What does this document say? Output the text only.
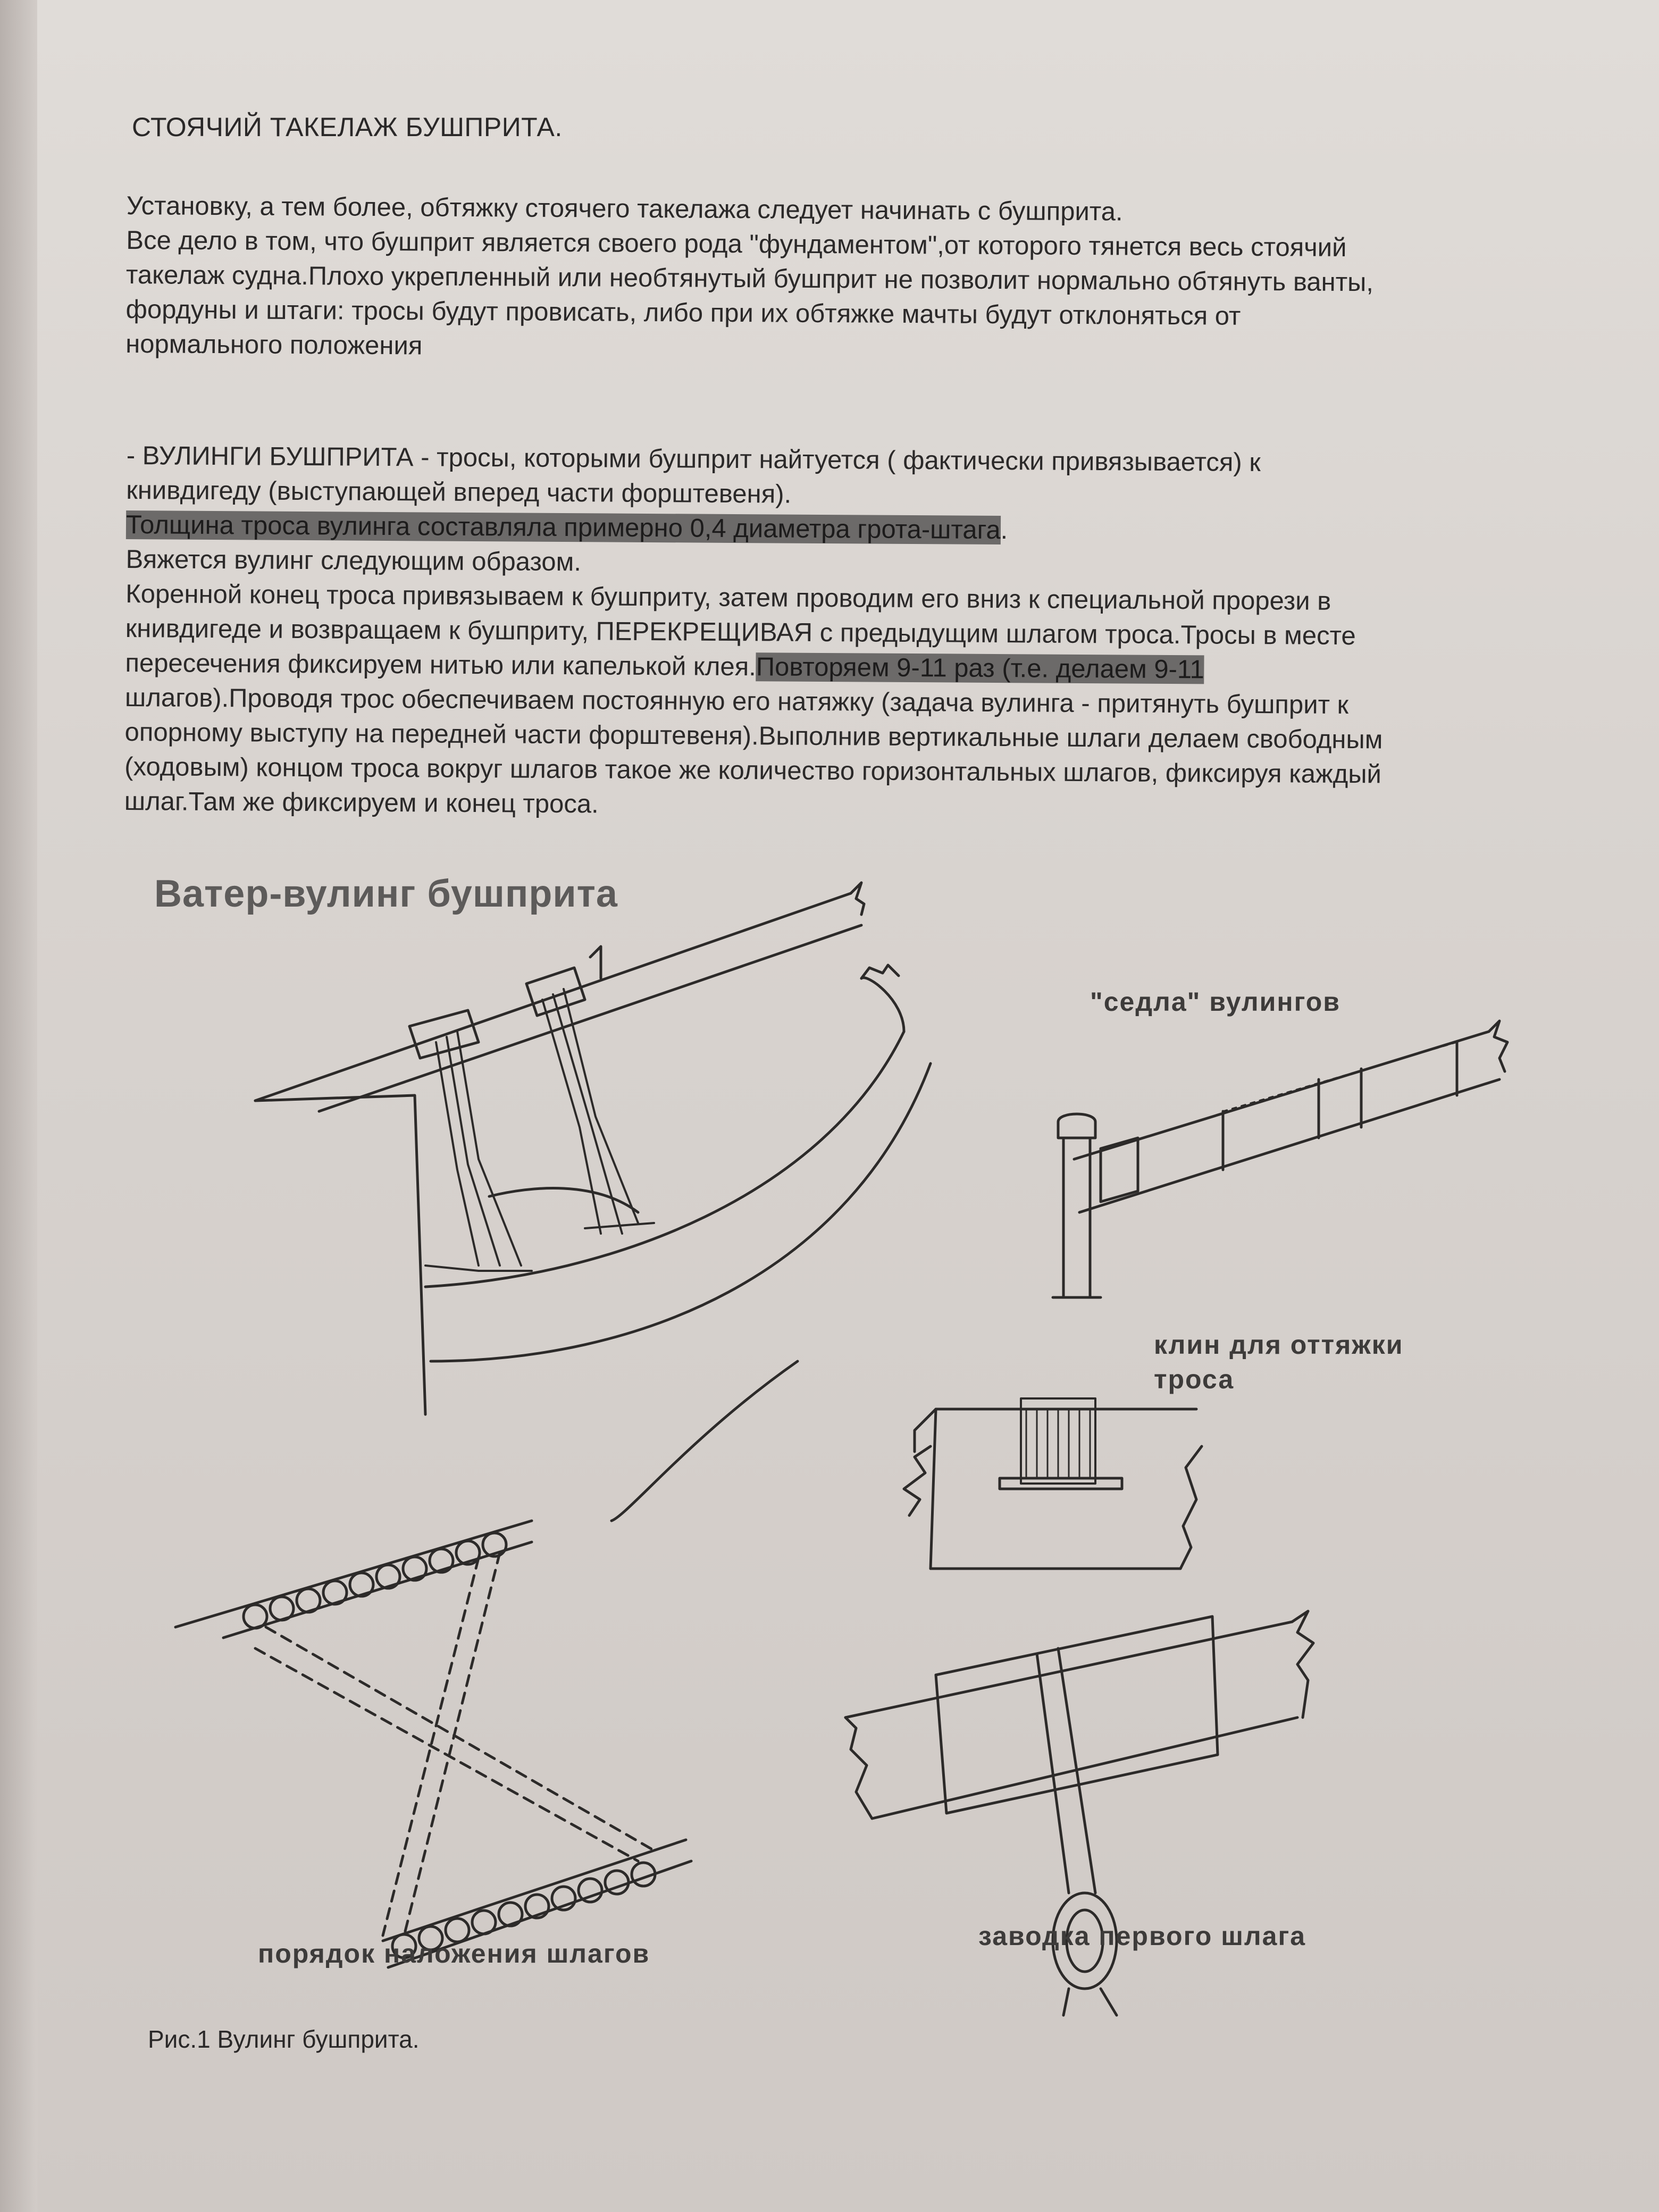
СТОЯЧИЙ ТАКЕЛАЖ БУШПРИТА.

Установку, а тем более, обтяжку стоячего такелажа следует начинать с бушприта.

Все дело в том, что бушприт является своего рода "фундаментом",от которого тянется весь стоячий

такелаж судна.Плохо укрепленный или необтянутый бушприт не позволит нормально обтянуть ванты,

фордуны и штаги: тросы будут провисать, либо при их обтяжке мачты будут отклоняться от

нормального положения

- ВУЛИНГИ БУШПРИТА - тросы, которыми бушприт найтуется ( фактически привязывается) к

книвдигеду (выступающей вперед части форштевеня).

Толщина троса вулинга составляла примерно 0,4 диаметра грота-штага.

Вяжется вулинг следующим образом.

Коренной конец троса привязываем к бушприту, затем проводим его вниз к специальной прорези в

книвдигеде и возвращаем к бушприту, ПЕРЕКРЕЩИВАЯ с предыдущим шлагом троса.Тросы в месте

пересечения фиксируем нитью или капелькой клея.Повторяем 9-11 раз (т.е. делаем 9-11

шлагов).Проводя трос обеспечиваем постоянную его натяжку (задача вулинга - притянуть бушприт к

опорному выступу на передней части форштевеня).Выполнив вертикальные шлаги делаем свободным

(ходовым) концом троса вокруг шлагов такое же количество горизонтальных шлагов, фиксируя каждый

шлаг.Там же фиксируем и конец троса.

Ватер-вулинг бушприта
"седла" вулингов
клин для оттяжки
троса
порядок наложения шлагов
заводка первого шлага
Рис.1 Вулинг бушприта.
